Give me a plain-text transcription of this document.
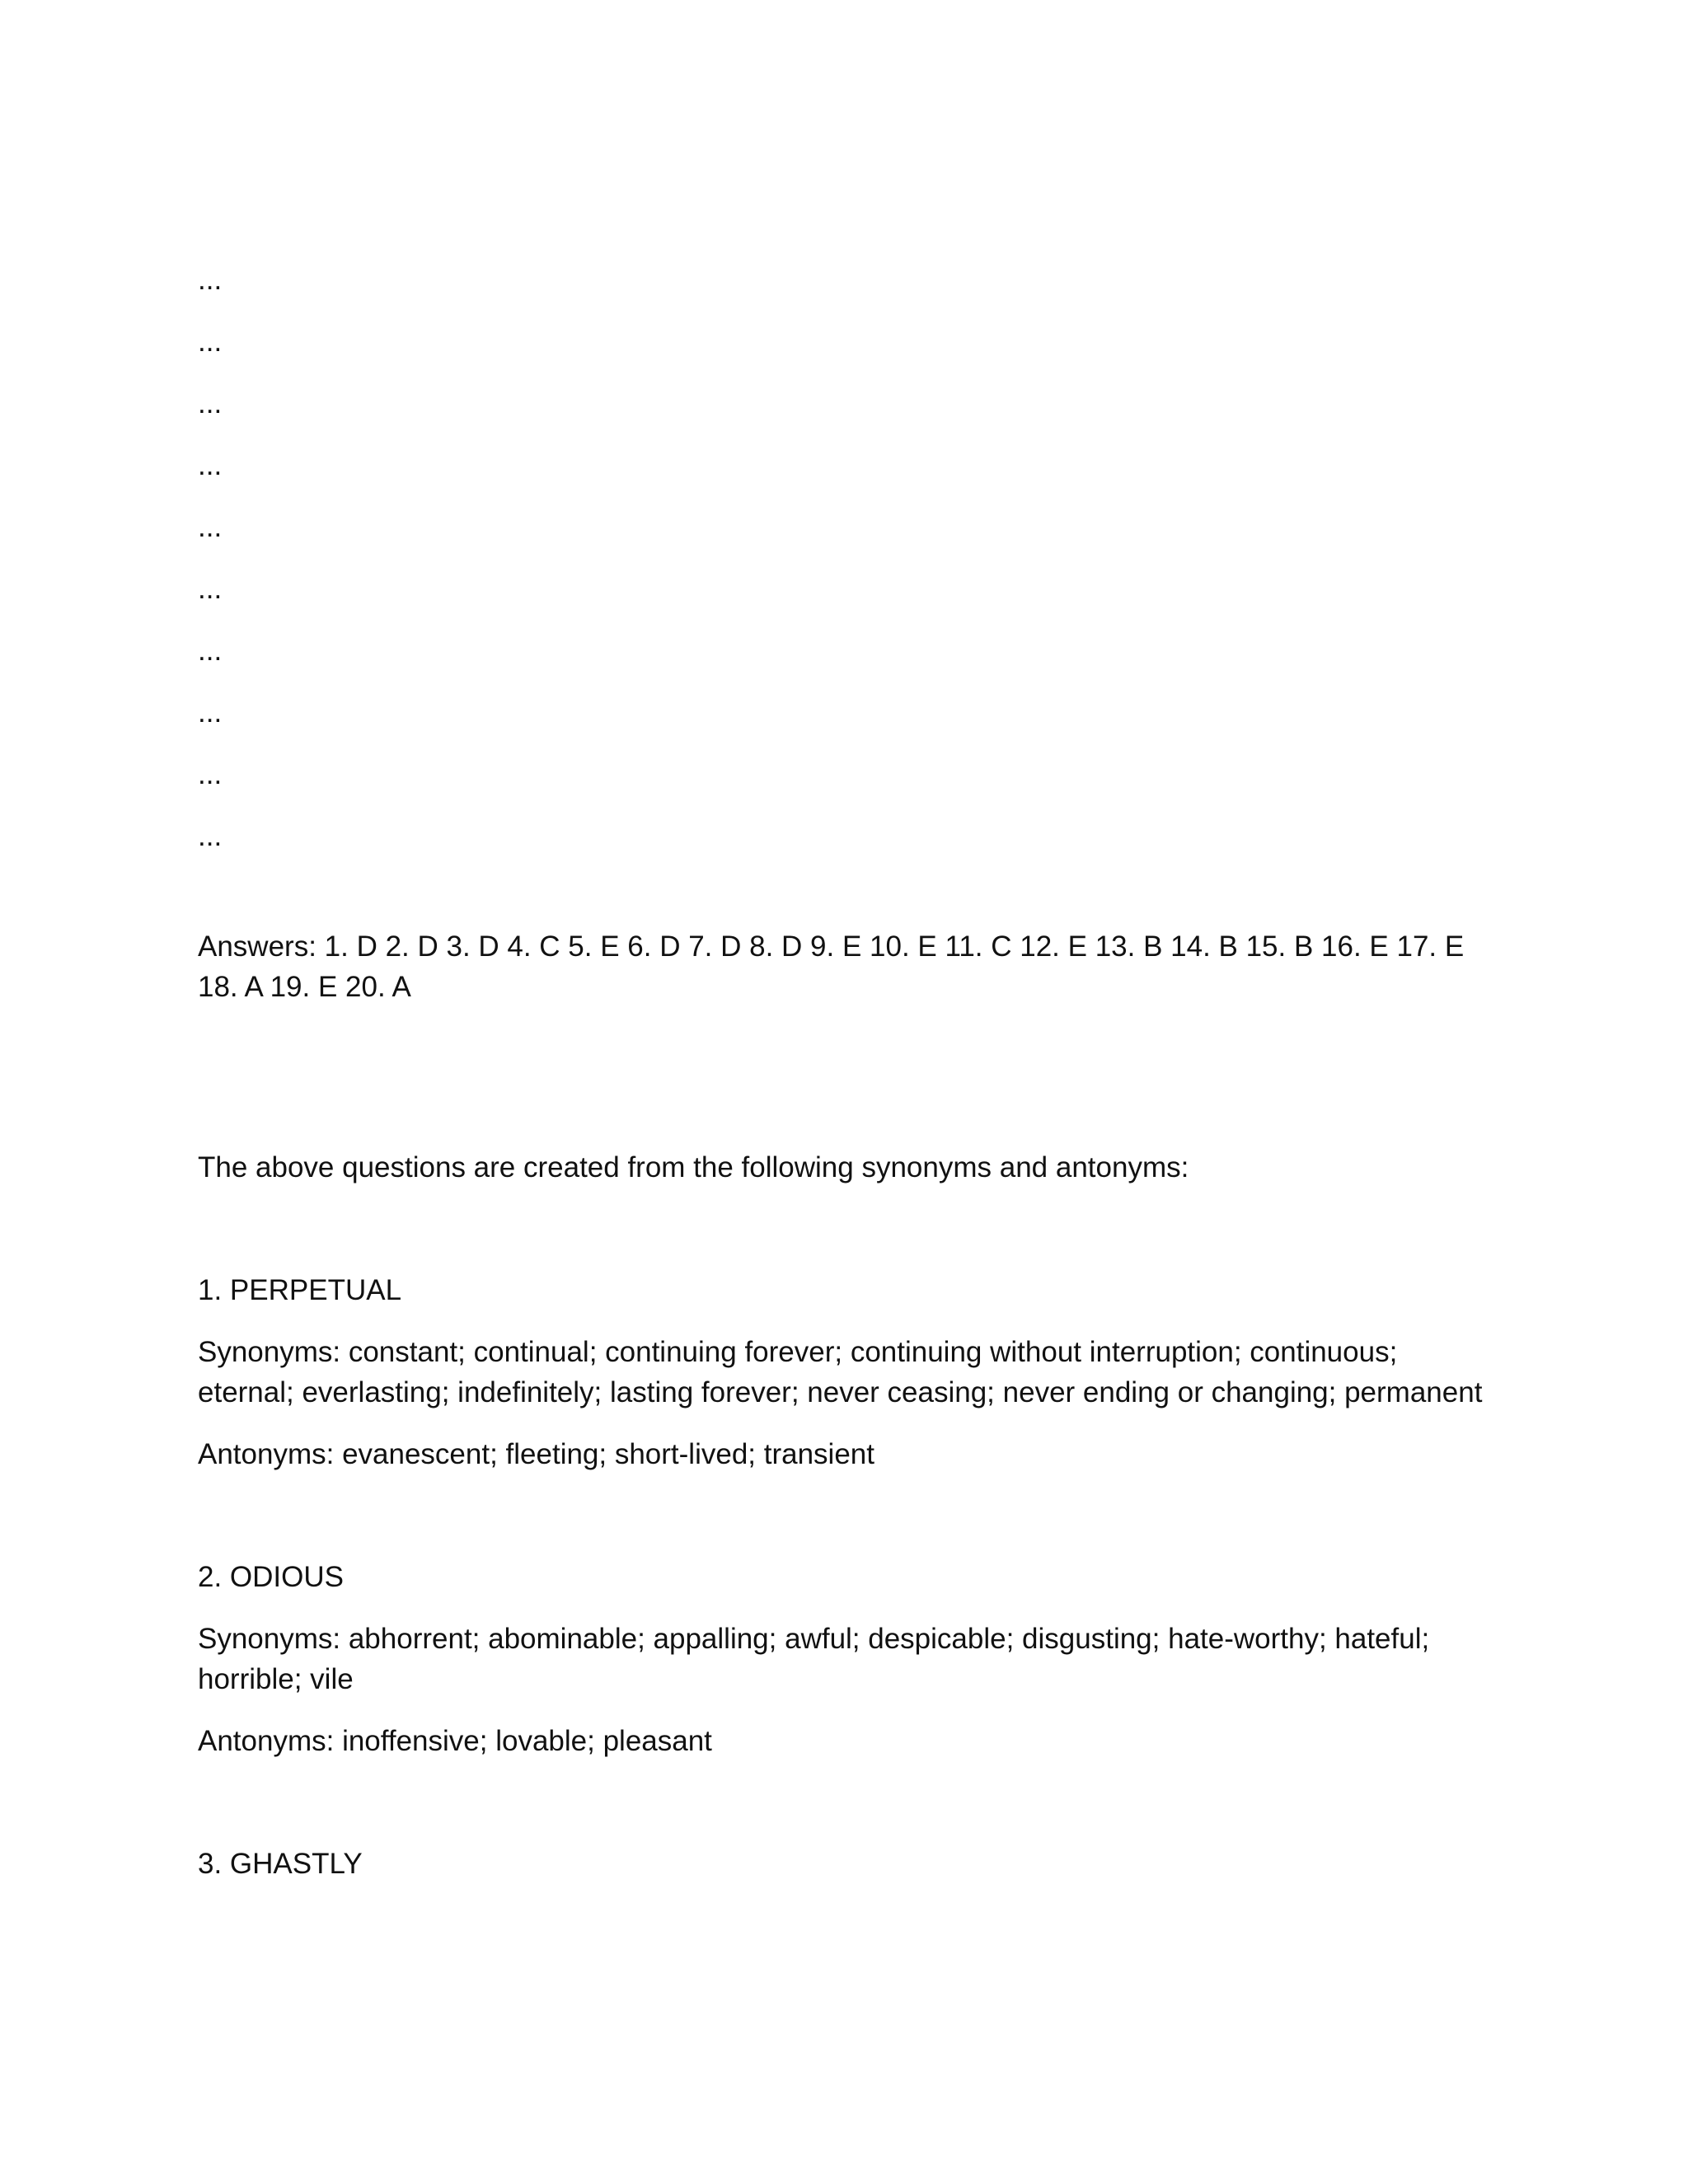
...
...
...
...
...
...
...
...
...
...

Answers: 1. D 2. D 3. D 4. C 5. E 6. D 7. D 8. D 9. E 10. E 11. C 12. E 13. B 14. B 15. B 16. E 17. E 18. A 19. E 20. A

The above questions are created from the following synonyms and antonyms:

1. PERPETUAL

Synonyms: constant; continual; continuing forever; continuing without interruption; continuous; eternal; everlasting; indefinitely; lasting forever; never ceasing; never ending or changing; permanent

Antonyms: evanescent; fleeting; short-lived; transient

2. ODIOUS

Synonyms: abhorrent; abominable; appalling; awful; despicable; disgusting; hate-worthy; hateful; horrible; vile

Antonyms: inoffensive; lovable; pleasant

3. GHASTLY
